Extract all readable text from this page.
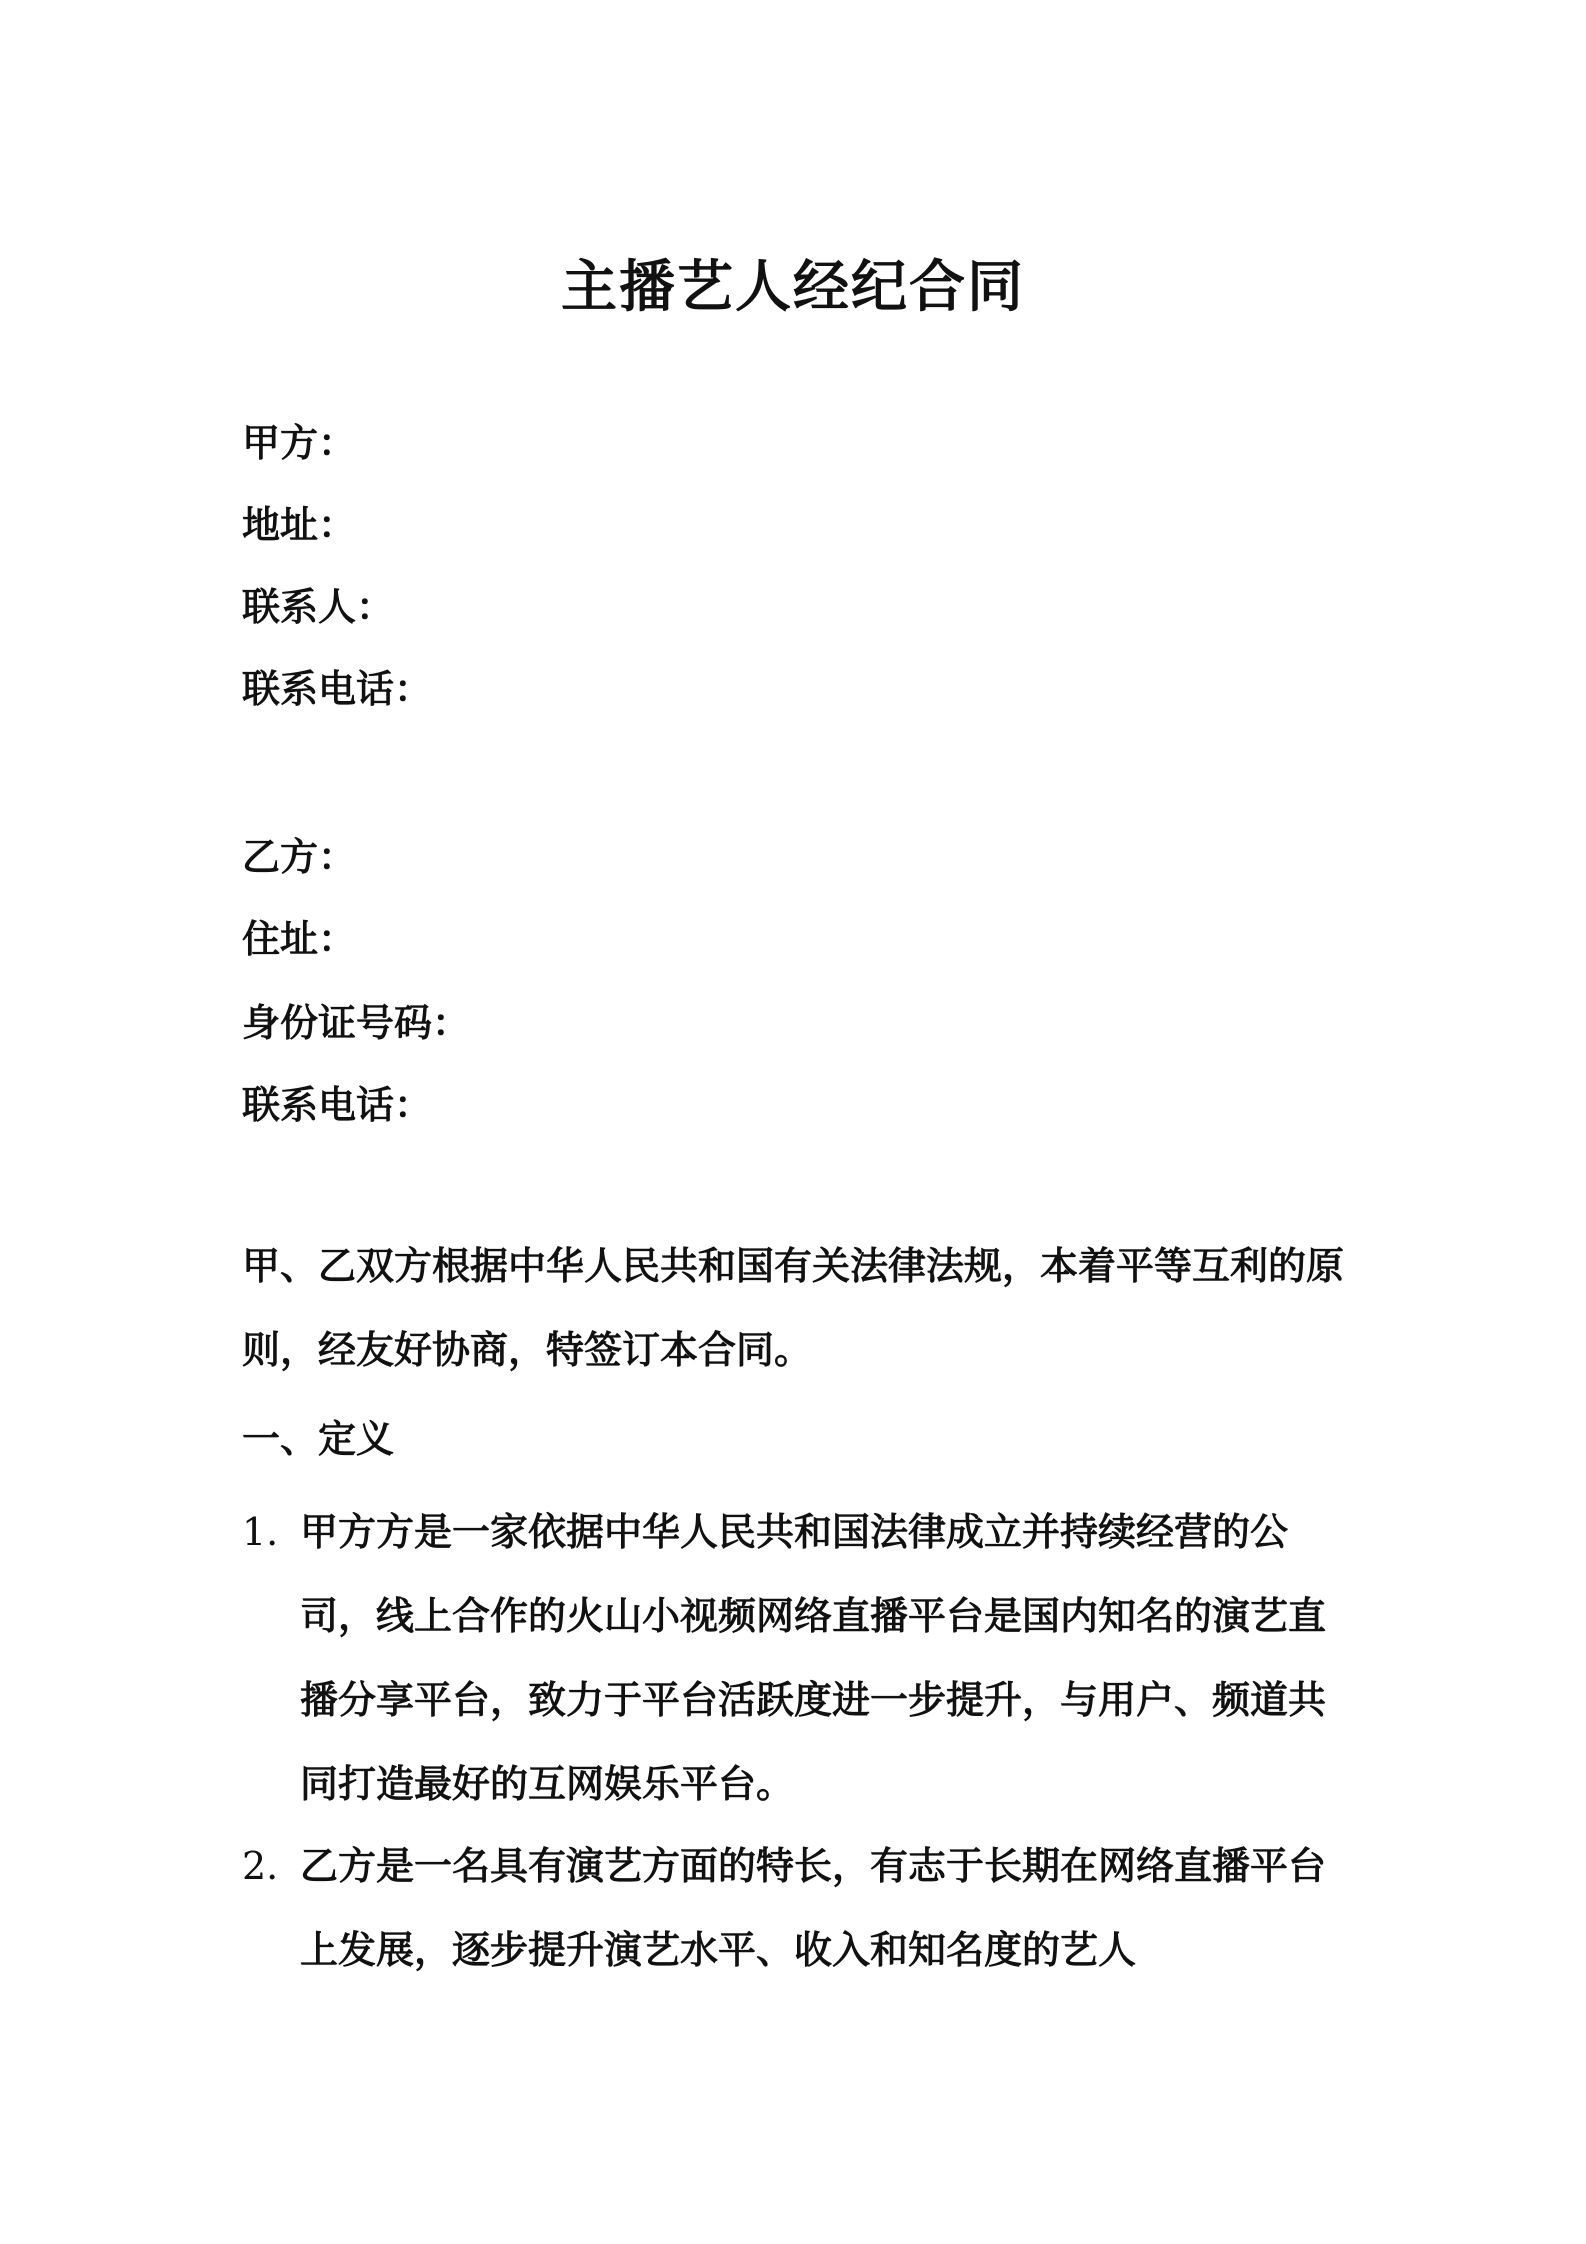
主播艺人经纪合同
甲方：
地址：
联系人：
联系电话：
乙方：
住址：
身份证号码：
联系电话：
甲、乙双方根据中华人民共和国有关法律法规，本着平等互利的原则，经友好协商，特签订本合同。
一、定义
1. 甲方方是一家依据中华人民共和国法律成立并持续经营的公司，线上合作的火山小视频网络直播平台是国内知名的演艺直播分享平台，致力于平台活跃度进一步提升，与用户、频道共同打造最好的互网娱乐平台。
2. 乙方是一名具有演艺方面的特长，有志于长期在网络直播平台上发展，逐步提升演艺水平、收入和知名度的艺人
